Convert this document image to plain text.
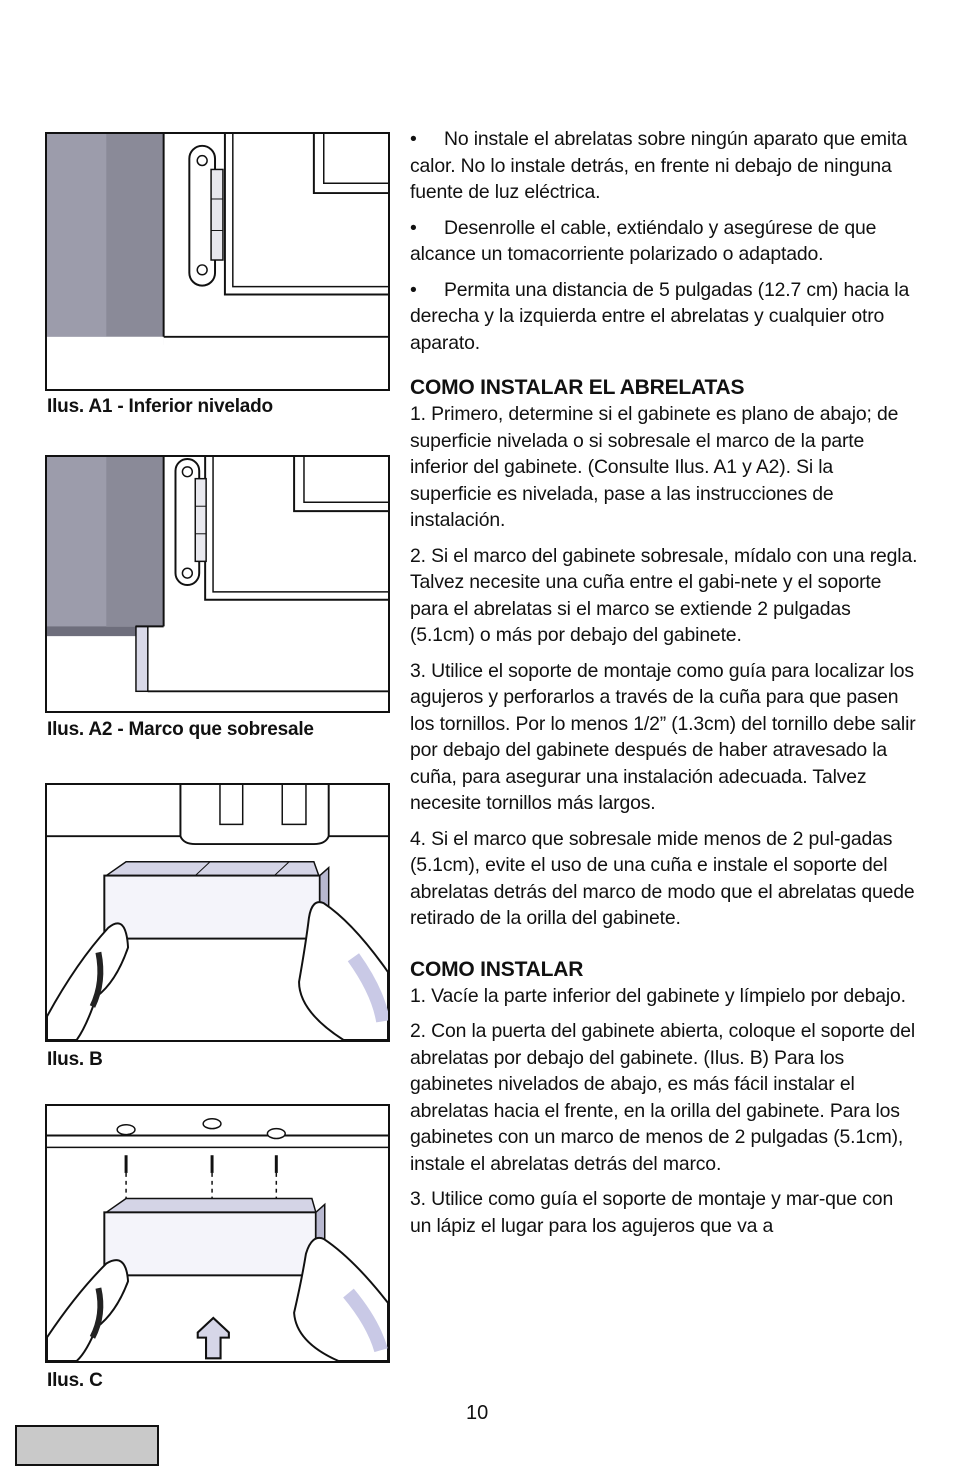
Ilus. A1 - Inferior nivelado
Ilus. A2 - Marco que sobresale
Ilus. B
Ilus. C

• No instale el abrelatas sobre ningún aparato que emita calor. No lo instale detrás, en frente ni debajo de ninguna fuente de luz eléctrica.

• Desenrolle el cable, extiéndalo y asegúrese de que alcance un tomacorriente polarizado o adaptado.

• Permita una distancia de 5 pulgadas (12.7 cm) hacia la derecha y la izquierda entre el abrelatas y cualquier otro aparato.

COMO INSTALAR EL ABRELATAS

1. Primero, determine si el gabinete es plano de abajo; de superficie nivelada o si sobresale el marco de la parte inferior del gabinete. (Consulte Ilus. A1 y A2). Si la superficie es nivelada, pase a las instrucciones de instalación.

2. Si el marco del gabinete sobresale, mídalo con una regla. Talvez necesite una cuña entre el gabi-nete y el soporte para el abrelatas si el marco se extiende 2 pulgadas (5.1cm) o más por debajo del gabinete.

3. Utilice el soporte de montaje como guía para localizar los agujeros y perforarlos a través de la cuña para que pasen los tornillos. Por lo menos 1/2” (1.3cm) del tornillo debe salir por debajo del gabinete después de haber atravesado la cuña, para asegurar una instalación adecuada. Talvez necesite tornillos más largos.

4. Si el marco que sobresale mide menos de 2 pul-gadas (5.1cm), evite el uso de una cuña e instale el soporte del abrelatas detrás del marco de modo que el abrelatas quede retirado de la orilla del gabinete.

COMO INSTALAR

1. Vacíe la parte inferior del gabinete y límpielo por debajo.

2. Con la puerta del gabinete abierta, coloque el soporte del abrelatas por debajo del gabinete. (Ilus. B) Para los gabinetes nivelados de abajo, es más fácil instalar el abrelatas hacia el frente, en la orilla del gabinete. Para los gabinetes con un marco de menos de 2 pulgadas (5.1cm), instale el abrelatas detrás del marco.

3. Utilice como guía el soporte de montaje y mar-que con un lápiz el lugar para los agujeros que va a

10
